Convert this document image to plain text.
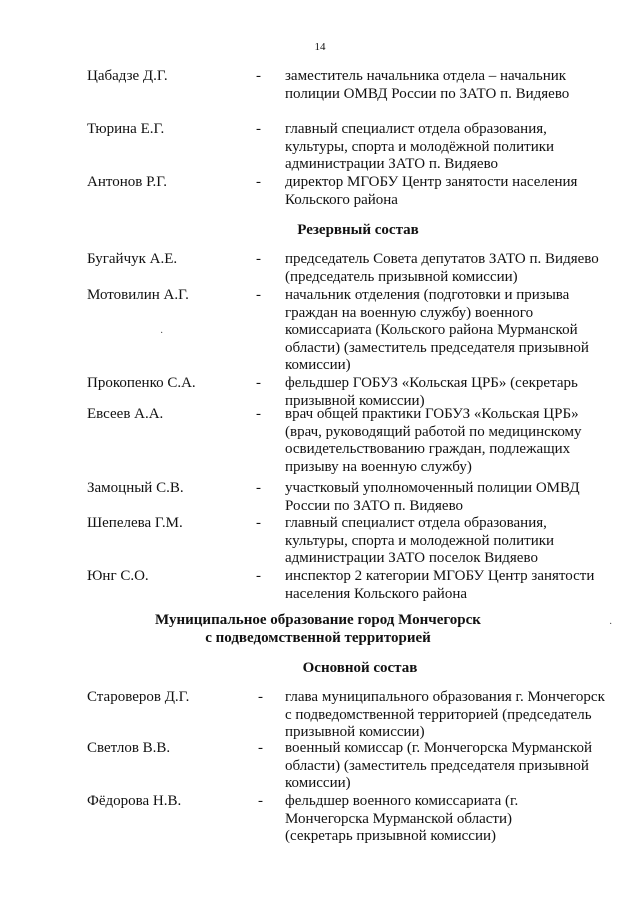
14
Цабадзе Д.Г.	- заместитель начальника отдела – начальник полиции ОМВД России по ЗАТО п. Видяево
Тюрина Е.Г.	- главный специалист отдела образования, культуры, спорта и молодёжной политики администрации ЗАТО п. Видяево
Антонов Р.Г.	- директор МГОБУ Центр занятости населения Кольского района
Резервный состав
Бугайчук А.Е.	- председатель Совета депутатов ЗАТО п. Видяево (председатель призывной комиссии)
Мотовилин А.Г.	- начальник отделения (подготовки и призыва граждан на военную службу) военного комиссариата (Кольского района Мурманской области) (заместитель председателя призывной комиссии)
Прокопенко С.А.	- фельдшер ГОБУЗ «Кольская ЦРБ» (секретарь призывной комиссии)
Евсеев А.А.	- врач общей практики ГОБУЗ «Кольская ЦРБ» (врач, руководящий работой по медицинскому освидетельствованию граждан, подлежащих призыву на военную службу)
Замоцный С.В.	- участковый уполномоченный полиции ОМВД России по ЗАТО п. Видяево
Шепелева Г.М.	- главный специалист отдела образования, культуры, спорта и молодежной политики администрации ЗАТО поселок Видяево
Юнг С.О.	- инспектор 2 категории МГОБУ Центр занятости населения Кольского района
Муниципальное образование город Мончегорск
с подведомственной территорией
Основной состав
Староверов Д.Г.	- глава муниципального образования г. Мончегорск с подведомственной территорией (председатель призывной комиссии)
Светлов В.В.	- военный комиссар (г. Мончегорска Мурманской области) (заместитель председателя призывной комиссии)
Фёдорова Н.В.	- фельдшер военного комиссариата (г. Мончегорска Мурманской области) (секретарь призывной комиссии)
·
·
